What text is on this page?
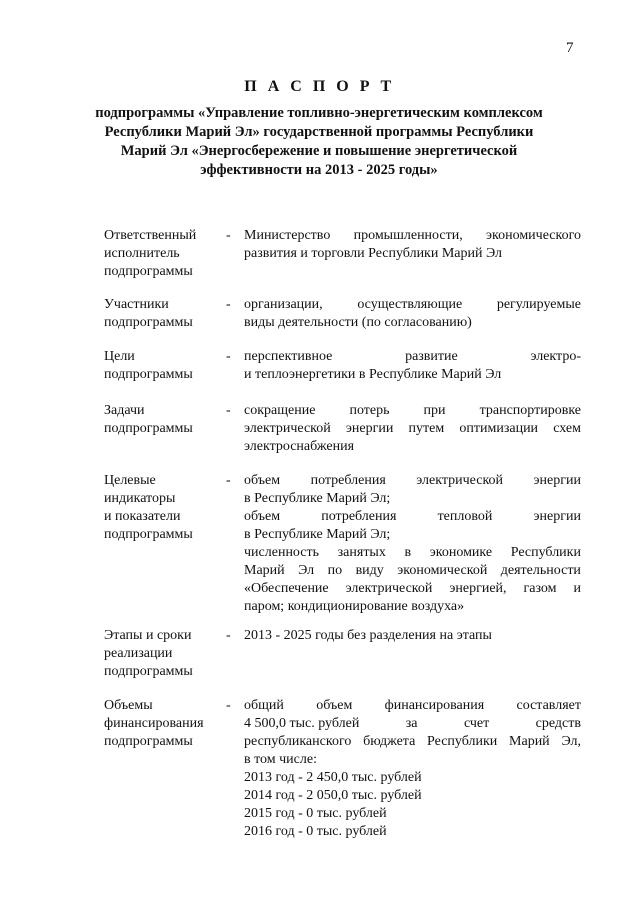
7
П А С П О Р Т
подпрограммы «Управление топливно-энергетическим комплексом
Республики Марий Эл» государственной программы Республики
Марий Эл «Энергосбережение и повышение энергетической
эффективности на 2013 - 2025 годы»
Ответственный
исполнитель
подпрограммы
- Министерство промышленности, экономического
развития и торговли Республики Марий Эл
Участники
подпрограммы
- организации, осуществляющие регулируемые
виды деятельности (по согласованию)
Цели
подпрограммы
- перспективное	развитие	электро-
и теплоэнергетики в Республике Марий Эл
Задачи
подпрограммы
- сокращение потерь при транспортировке
электрической энергии путем оптимизации схем
электроснабжения
Целевые
индикаторы
и показатели
подпрограммы
- объем потребления электрической энергии
в Республике Марий Эл;
объем	потребления	тепловой	энергии
в Республике Марий Эл;
численность занятых в экономике Республики
Марий Эл по виду экономической деятельности
«Обеспечение электрической энергией, газом и
паром; кондиционирование воздуха»
Этапы и сроки
реализации
подпрограммы
- 2013 - 2025 годы без разделения на этапы
Объемы
финансирования
подпрограммы
- общий объем финансирования составляет
4 500,0 тыс. рублей	за	счет	средств
республиканского бюджета Республики Марий Эл,
в том числе:
2013 год - 2 450,0 тыс. рублей
2014 год - 2 050,0 тыс. рублей
2015 год - 0 тыс. рублей
2016 год - 0 тыс. рублей
